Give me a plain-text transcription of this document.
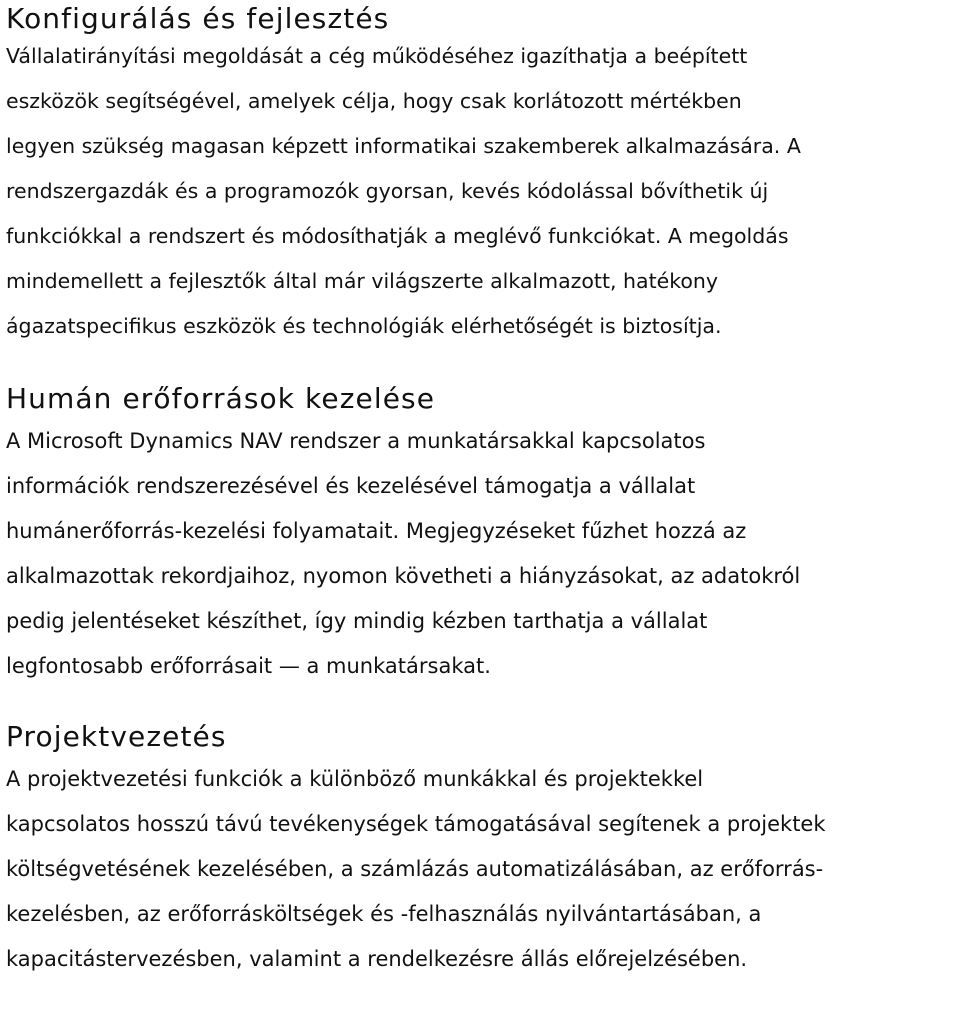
Konfigurálás és fejlesztés

Vállalatirányítási megoldását a cég működéséhez igazíthatja a beépített
eszközök segítségével, amelyek célja, hogy csak korlátozott mértékben
legyen szükség magasan képzett informatikai szakemberek alkalmazására. A
rendszergazdák és a programozók gyorsan, kevés kódolással bővíthetik új
funkciókkal a rendszert és módosíthatják a meglévő funkciókat. A megoldás
mindemellett a fejlesztők által már világszerte alkalmazott, hatékony
ágazatspecifikus eszközök és technológiák elérhetőségét is biztosítja.

Humán erőforrások kezelése

A Microsoft Dynamics NAV rendszer a munkatársakkal kapcsolatos
információk rendszerezésével és kezelésével támogatja a vállalat
humánerőforrás-kezelési folyamatait. Megjegyzéseket fűzhet hozzá az
alkalmazottak rekordjaihoz, nyomon követheti a hiányzásokat, az adatokról
pedig jelentéseket készíthet, így mindig kézben tarthatja a vállalat
legfontosabb erőforrásait — a munkatársakat.

Projektvezetés

A projektvezetési funkciók a különböző munkákkal és projektekkel
kapcsolatos hosszú távú tevékenységek támogatásával segítenek a projektek
költségvetésének kezelésében, a számlázás automatizálásában, az erőforrás-
kezelésben, az erőforrásköltségek és -felhasználás nyilvántartásában, a
kapacitástervezésben, valamint a rendelkezésre állás előrejelzésében.
